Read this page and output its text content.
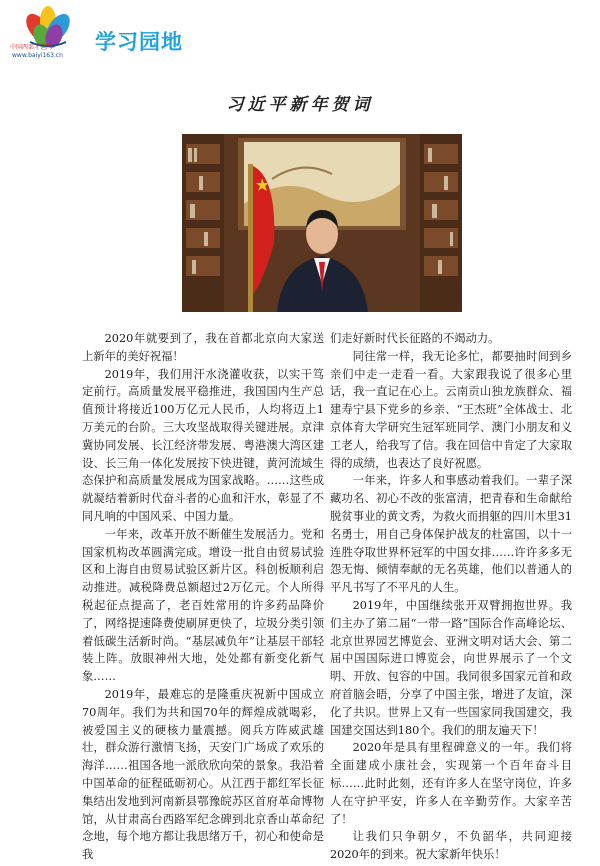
中国西部才艺网
www.baiyi163.cn
学习园地
习近平新年贺词

2020年就要到了，我在首都北京向大家送上新年的美好祝福！

2019年，我们用汗水浇灌收获，以实干笃定前行。高质量发展平稳推进，我国国内生产总值预计将接近100万亿元人民币，人均将迈上1万美元的台阶。三大攻坚战取得关键进展。京津冀协同发展、长江经济带发展、粤港澳大湾区建设、长三角一体化发展按下快进键，黄河流域生态保护和高质量发展成为国家战略。……这些成就凝结着新时代奋斗者的心血和汗水，彰显了不同凡响的中国风采、中国力量。

一年来，改革开放不断催生发展活力。党和国家机构改革圆满完成。增设一批自由贸易试验区和上海自由贸易试验区新片区。科创板顺利启动推进。减税降费总额超过2万亿元。个人所得税起征点提高了，老百姓常用的许多药品降价了，网络提速降费使刷屏更快了，垃圾分类引领着低碳生活新时尚。“基层减负年”让基层干部轻装上阵。放眼神州大地，处处都有新变化新气象……

2019年，最难忘的是隆重庆祝新中国成立70周年。我们为共和国70年的辉煌成就喝彩，被爱国主义的硬核力量震撼。阅兵方阵威武雄壮，群众游行激情飞扬，天安门广场成了欢乐的海洋……祖国各地一派欣欣向荣的景象。我沿着中国革命的征程砥砺初心。从江西于都红军长征集结出发地到河南新县鄂豫皖苏区首府革命博物馆，从甘肃高台西路军纪念碑到北京香山革命纪念地，每个地方都让我思绪万千，初心和使命是我

们走好新时代长征路的不竭动力。

同往常一样，我无论多忙，都要抽时间到乡亲们中走一走看一看。大家跟我说了很多心里话，我一直记在心上。云南贡山独龙族群众、福建寿宁县下党乡的乡亲、“王杰班”全体战士、北京体育大学研究生冠军班同学、澳门小朋友和义工老人，给我写了信。我在回信中肯定了大家取得的成绩，也表达了良好祝愿。

一年来，许多人和事感动着我们。一辈子深藏功名、初心不改的张富清，把青春和生命献给脱贫事业的黄文秀，为救火而捐躯的四川木里31名勇士，用自己身体保护战友的杜富国，以十一连胜夺取世界杯冠军的中国女排……许许多多无怨无悔、倾情奉献的无名英雄，他们以普通人的平凡书写了不平凡的人生。

2019年，中国继续张开双臂拥抱世界。我们主办了第二届“一带一路”国际合作高峰论坛、北京世界园艺博览会、亚洲文明对话大会、第二届中国国际进口博览会，向世界展示了一个文明、开放、包容的中国。我同很多国家元首和政府首脑会晤，分享了中国主张，增进了友谊，深化了共识。世界上又有一些国家同我国建交，我国建交国达到180个。我们的朋友遍天下！

2020年是具有里程碑意义的一年。我们将全面建成小康社会，实现第一个百年奋斗目标……此时此刻，还有许多人在坚守岗位，许多人在守护平安，许多人在辛勤劳作。大家辛苦了！

让我们只争朝夕，不负韶华，共同迎接2020年的到来。祝大家新年快乐！
